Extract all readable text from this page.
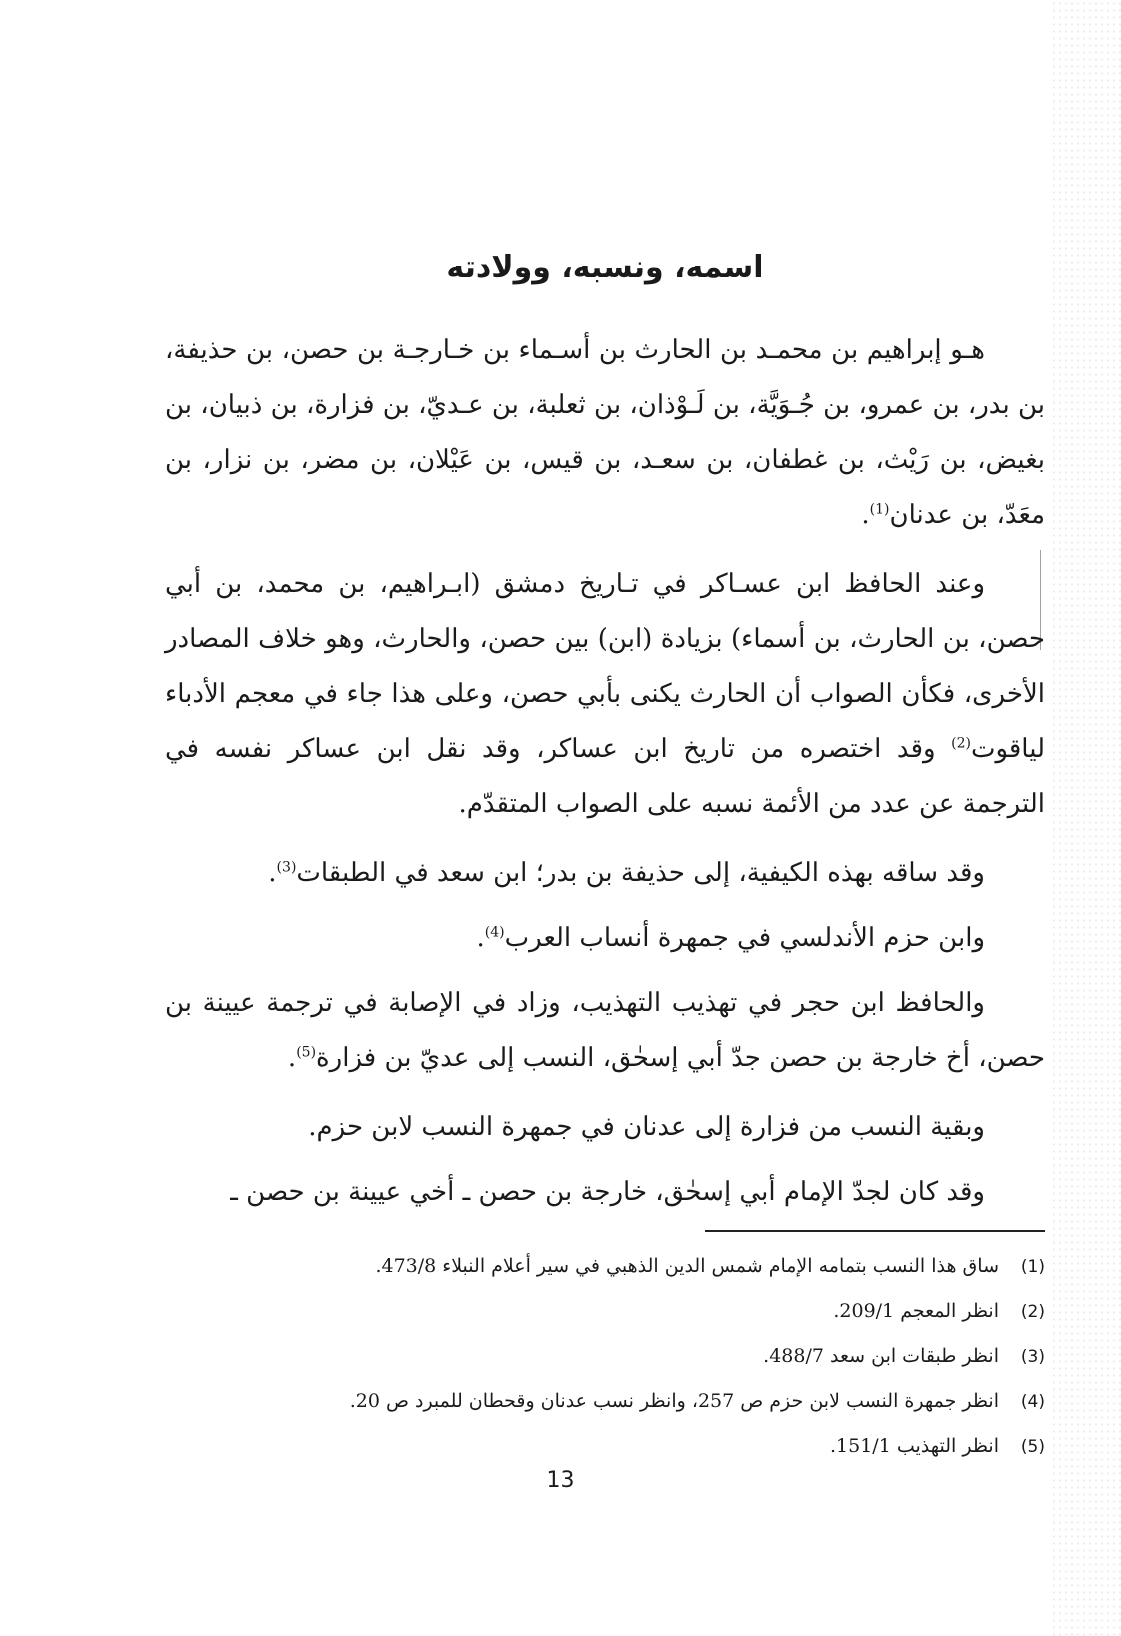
اسمه، ونسبه، وولادته

هـو إبراهيم بن محمـد بن الحارث بن أسـماء بن خـارجـة بن حصن، بن حذيفة، بن بدر، بن عمرو، بن جُـوَيَّة، بن لَـوْذان، بن ثعلبة، بن عـديّ، بن فزارة، بن ذبيان، بن بغيض، بن رَيْث، بن غطفان، بن سعـد، بن قيس، بن عَيْلان، بن مضر، بن نزار، بن معَدّ، بن عدنان$^{(1)}$.

وعند الحافظ ابن عسـاكر في تـاريخ دمشق (ابـراهيم، بن محمد، بن أبي حصن، بن الحارث، بن أسماء) بزيادة (ابن) بين حصن، والحارث، وهو خلاف المصادر الأخرى، فكأن الصواب أن الحارث يكنى بأبي حصن، وعلى هذا جاء في معجم الأدباء لياقوت$^{(2)}$ وقد اختصره من تاريخ ابن عساكر، وقد نقل ابن عساكر نفسه في الترجمة عن عدد من الأئمة نسبه على الصواب المتقدّم.

وقد ساقه بهذه الكيفية، إلى حذيفة بن بدر؛ ابن سعد في الطبقات$^{(3)}$.

وابن حزم الأندلسي في جمهرة أنساب العرب$^{(4)}$.

والحافظ ابن حجر في تهذيب التهذيب، وزاد في الإصابة في ترجمة عيينة بن حصن، أخ خارجة بن حصن جدّ أبي إسحٰق، النسب إلى عديّ بن فزارة$^{(5)}$.

وبقية النسب من فزارة إلى عدنان في جمهرة النسب لابن حزم.

وقد كان لجدّ الإمام أبي إسحٰق، خارجة بن حصن ـ أخي عيينة بن حصن ـ

(1)
ساق هذا النسب بتمامه الإمام شمس الدين الذهبي في سير أعلام النبلاء 473/8.
(2)
انظر المعجم 209/1.
(3)
انظر طبقات ابن سعد 488/7.
(4)
انظر جمهرة النسب لابن حزم ص 257، وانظر نسب عدنان وقحطان للمبرد ص 20.
(5)
انظر التهذيب 151/1.
13
